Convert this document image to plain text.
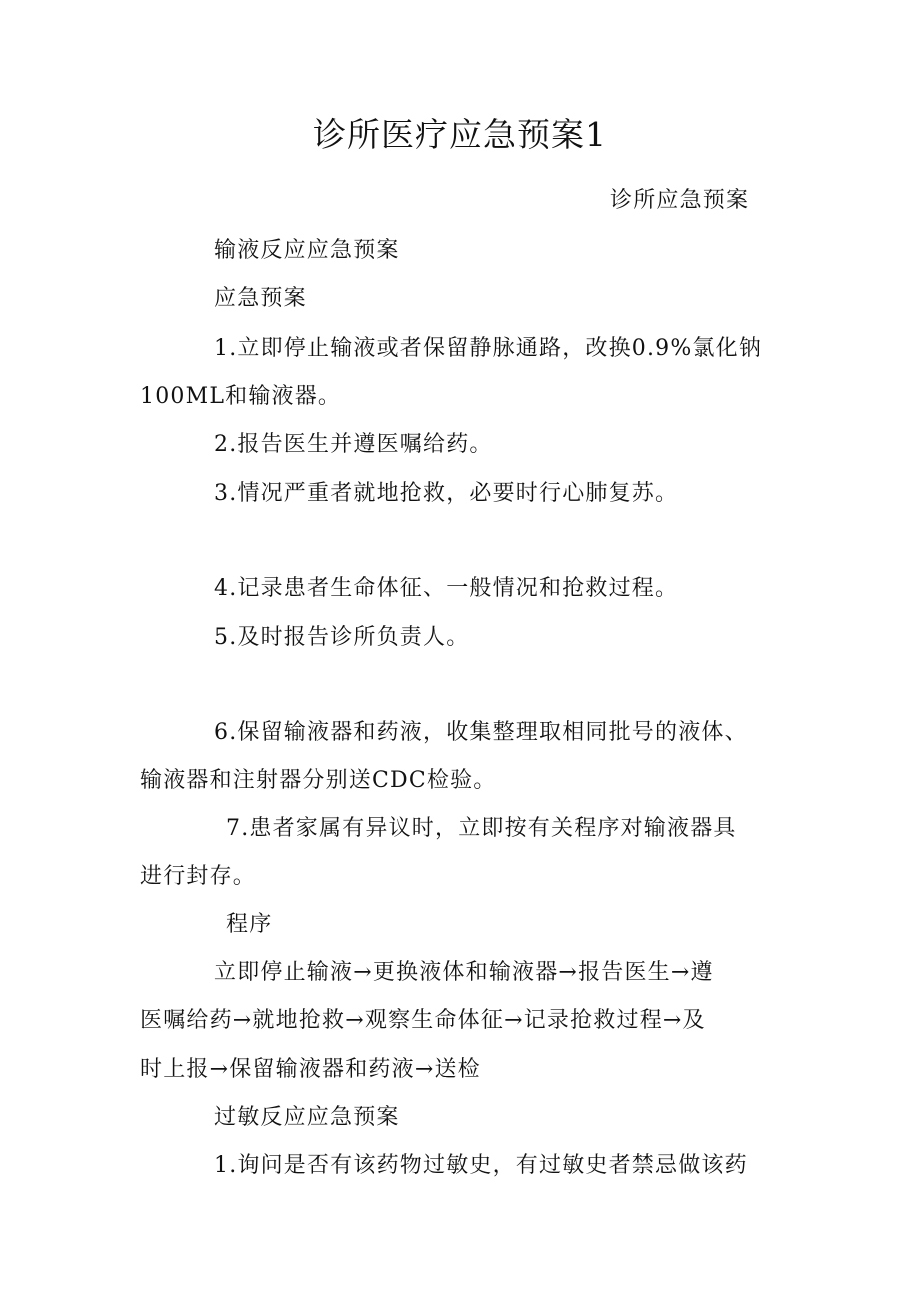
诊所医疗应急预案1
诊所应急预案
输液反应应急预案
应急预案
1.立即停止输液或者保留静脉通路，改换0.9%氯化钠
100ML和输液器。
2.报告医生并遵医嘱给药。
3.情况严重者就地抢救，必要时行心肺复苏。
4.记录患者生命体征、一般情况和抢救过程。
5.及时报告诊所负责人。
6.保留输液器和药液，收集整理取相同批号的液体、
输液器和注射器分别送CDC检验。
7.患者家属有异议时，立即按有关程序对输液器具
进行封存。
程序
立即停止输液→更换液体和输液器→报告医生→遵
医嘱给药→就地抢救→观察生命体征→记录抢救过程→及
时上报→保留输液器和药液→送检
过敏反应应急预案
1.询问是否有该药物过敏史，有过敏史者禁忌做该药
